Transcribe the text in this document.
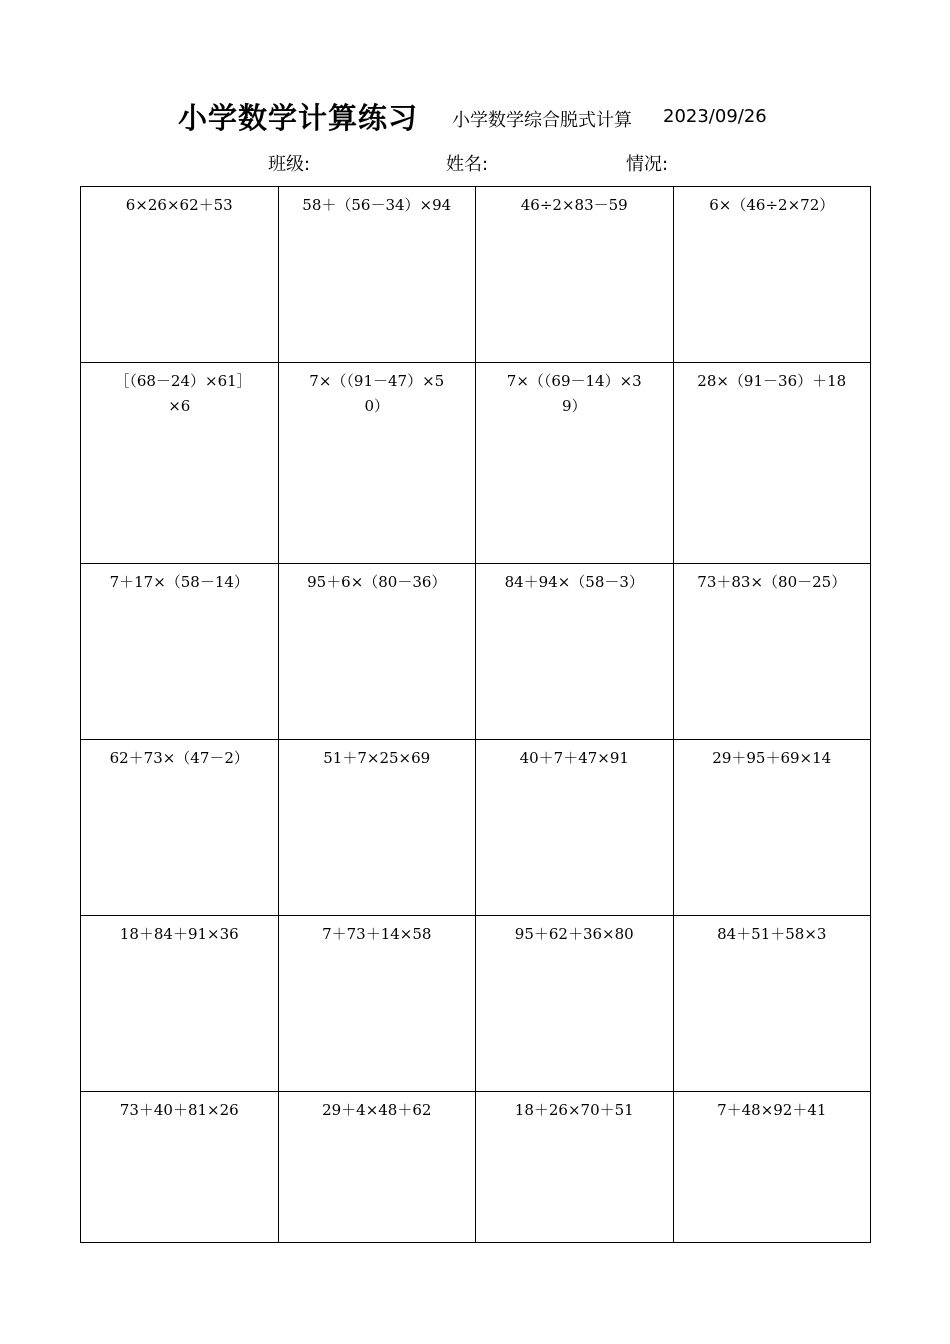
小学数学计算练习 小学数学综合脱式计算 2023/09/26
班级:	姓名:	情况:
6×26×62＋53	58＋（56－34）×94	46÷2×83－59	6×（46÷2×72）
［（68－24）×61］×6	7×（（91－47）×50）	7×（（69－14）×39）	28×（91－36）＋18
7＋17×（58－14）	95＋6×（80－36）	84＋94×（58－3）	73＋83×（80－25）
62＋73×（47－2）	51＋7×25×69	40＋7＋47×91	29＋95＋69×14
18＋84＋91×36	7＋73＋14×58	95＋62＋36×80	84＋51＋58×3
73＋40＋81×26	29＋4×48＋62	18＋26×70＋51	7＋48×92＋41
